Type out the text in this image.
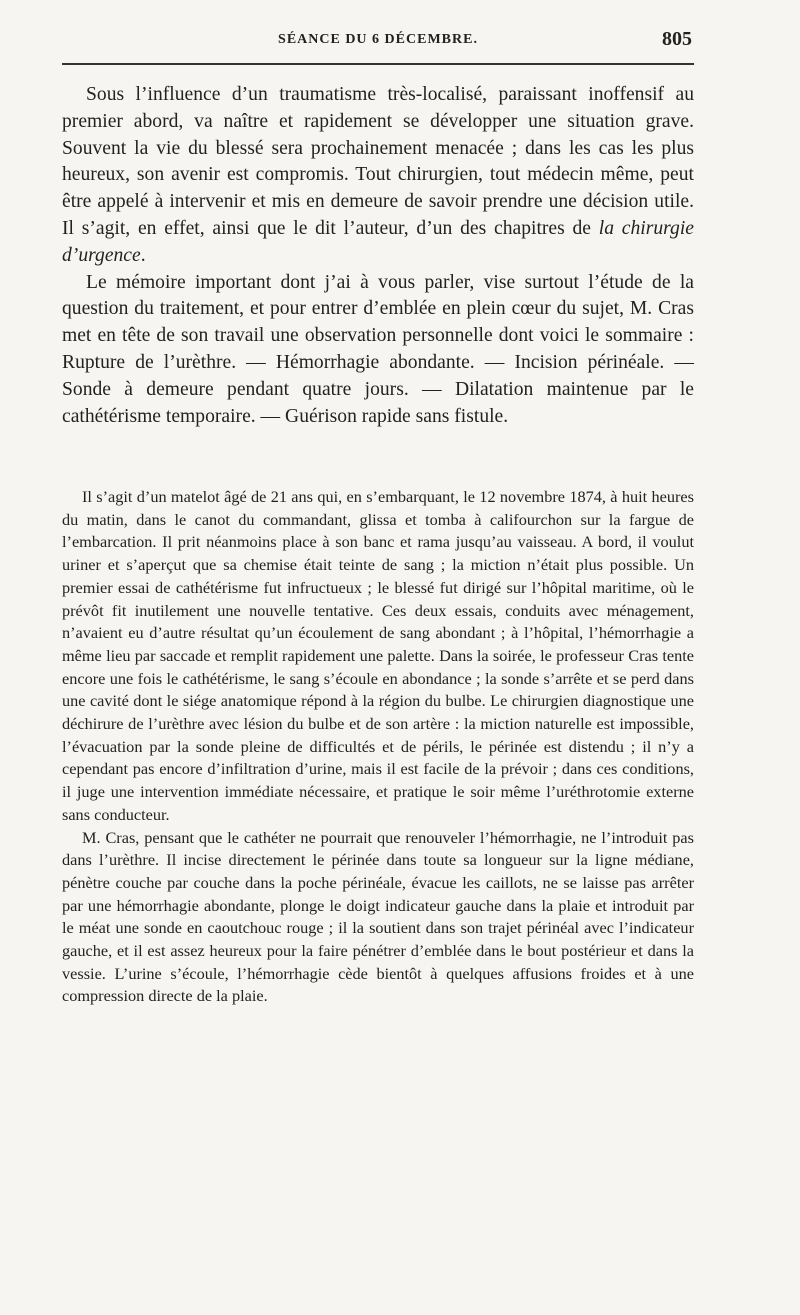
SÉANCE DU 6 DÉCEMBRE.	805

Sous l’influence d’un traumatisme très-localisé, paraissant inoffensif au premier abord, va naître et rapidement se développer une situation grave. Souvent la vie du blessé sera prochainement menacée ; dans les cas les plus heureux, son avenir est compromis. Tout chirurgien, tout médecin même, peut être appelé à intervenir et mis en demeure de savoir prendre une décision utile. Il s’agit, en effet, ainsi que le dit l’auteur, d’un des chapitres de la chirurgie d’urgence.

Le mémoire important dont j’ai à vous parler, vise surtout l’étude de la question du traitement, et pour entrer d’emblée en plein cœur du sujet, M. Cras met en tête de son travail une observation personnelle dont voici le sommaire : Rupture de l’urèthre. — Hémorrhagie abondante. — Incision périnéale. — Sonde à demeure pendant quatre jours. — Dilatation maintenue par le cathétérisme temporaire. — Guérison rapide sans fistule.

Il s’agit d’un matelot âgé de 21 ans qui, en s’embarquant, le 12 novembre 1874, à huit heures du matin, dans le canot du commandant, glissa et tomba à califourchon sur la fargue de l’embarcation. Il prit néanmoins place à son banc et rama jusqu’au vaisseau. A bord, il voulut uriner et s’aperçut que sa chemise était teinte de sang ; la miction n’était plus possible. Un premier essai de cathétérisme fut infructueux ; le blessé fut dirigé sur l’hôpital maritime, où le prévôt fit inutilement une nouvelle tentative. Ces deux essais, conduits avec ménagement, n’avaient eu d’autre résultat qu’un écoulement de sang abondant ; à l’hôpital, l’hémorrhagie a même lieu par saccade et remplit rapidement une palette. Dans la soirée, le professeur Cras tente encore une fois le cathétérisme, le sang s’écoule en abondance ; la sonde s’arrête et se perd dans une cavité dont le siége anatomique répond à la région du bulbe. Le chirurgien diagnostique une déchirure de l’urèthre avec lésion du bulbe et de son artère : la miction naturelle est impossible, l’évacuation par la sonde pleine de difficultés et de périls, le périnée est distendu ; il n’y a cependant pas encore d’infiltration d’urine, mais il est facile de la prévoir ; dans ces conditions, il juge une intervention immédiate nécessaire, et pratique le soir même l’uréthrotomie externe sans conducteur.

M. Cras, pensant que le cathéter ne pourrait que renouveler l’hémorrhagie, ne l’introduit pas dans l’urèthre. Il incise directement le périnée dans toute sa longueur sur la ligne médiane, pénètre couche par couche dans la poche périnéale, évacue les caillots, ne se laisse pas arrêter par une hémorrhagie abondante, plonge le doigt indicateur gauche dans la plaie et introduit par le méat une sonde en caoutchouc rouge ; il la soutient dans son trajet périnéal avec l’indicateur gauche, et il est assez heureux pour la faire pénétrer d’emblée dans le bout postérieur et dans la vessie. L’urine s’écoule, l’hémorrhagie cède bientôt à quelques affusions froides et à une compression directe de la plaie.
